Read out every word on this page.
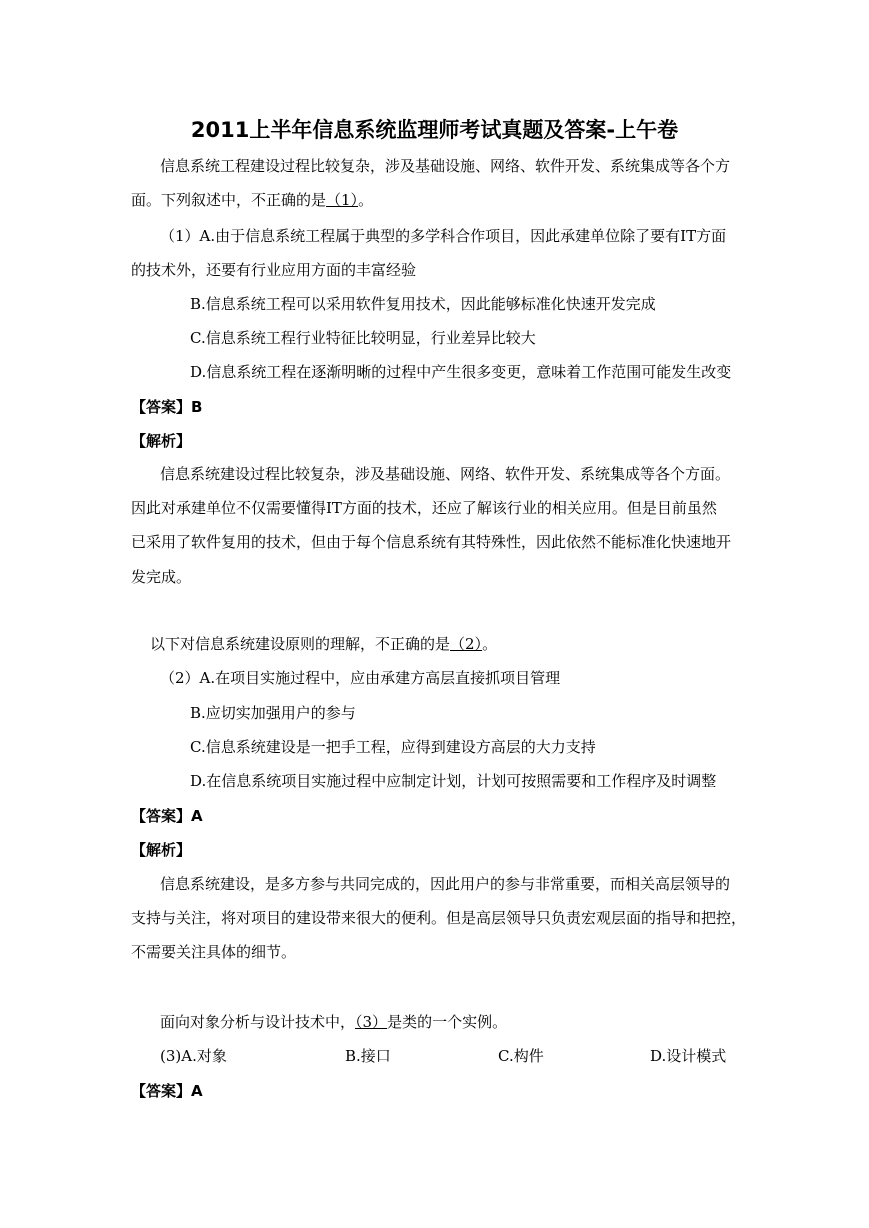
2011上半年信息系统监理师考试真题及答案-上午卷
信息系统工程建设过程比较复杂，涉及基础设施、网络、软件开发、系统集成等各个方
面。下列叙述中，不正确的是（1）。
（1）A.由于信息系统工程属于典型的多学科合作项目，因此承建单位除了要有IT方面
的技术外，还要有行业应用方面的丰富经验
B.信息系统工程可以采用软件复用技术，因此能够标准化快速开发完成
C.信息系统工程行业特征比较明显，行业差异比较大
D.信息系统工程在逐渐明晰的过程中产生很多变更，意味着工作范围可能发生改变
【答案】B
【解析】
信息系统建设过程比较复杂，涉及基础设施、网络、软件开发、系统集成等各个方面。
因此对承建单位不仅需要懂得IT方面的技术，还应了解该行业的相关应用。但是目前虽然
已采用了软件复用的技术，但由于每个信息系统有其特殊性，因此依然不能标准化快速地开
发完成。
以下对信息系统建设原则的理解，不正确的是（2）。
（2）A.在项目实施过程中，应由承建方高层直接抓项目管理
B.应切实加强用户的参与
C.信息系统建设是一把手工程，应得到建设方高层的大力支持
D.在信息系统项目实施过程中应制定计划，计划可按照需要和工作程序及时调整
【答案】A
【解析】
信息系统建设，是多方参与共同完成的，因此用户的参与非常重要，而相关高层领导的
支持与关注，将对项目的建设带来很大的便利。但是高层领导只负责宏观层面的指导和把控，
不需要关注具体的细节。
面向对象分析与设计技术中，（3）是类的一个实例。
(3)A.对象	B.接口	C.构件	D.设计模式
【答案】A
